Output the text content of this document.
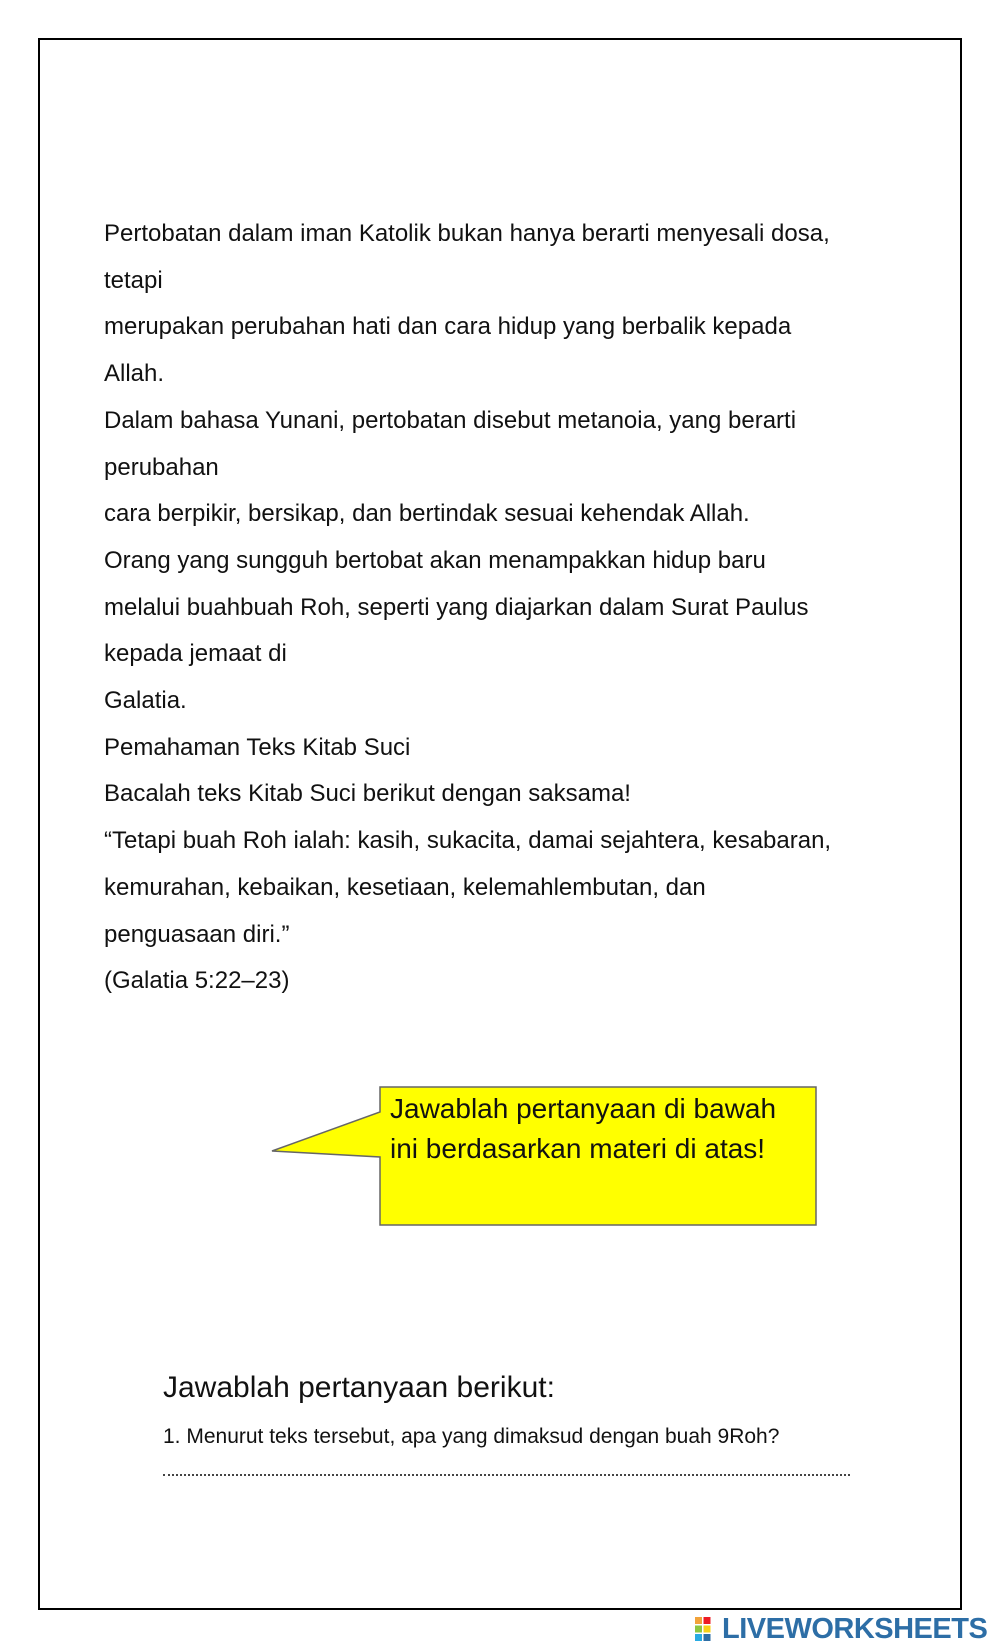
Pertobatan dalam iman Katolik bukan hanya berarti menyesali dosa,
tetapi
merupakan perubahan hati dan cara hidup yang berbalik kepada
Allah.
Dalam bahasa Yunani, pertobatan disebut metanoia, yang berarti
perubahan
cara berpikir, bersikap, dan bertindak sesuai kehendak Allah.
Orang yang sungguh bertobat akan menampakkan hidup baru
melalui buahbuah Roh, seperti yang diajarkan dalam Surat Paulus
kepada jemaat di
Galatia.
Pemahaman Teks Kitab Suci
Bacalah teks Kitab Suci berikut dengan saksama!
“Tetapi buah Roh ialah: kasih, sukacita, damai sejahtera, kesabaran,
kemurahan, kebaikan, kesetiaan, kelemahlembutan, dan
penguasaan diri.”
(Galatia 5:22–23)
Jawablah pertanyaan di bawah
ini berdasarkan materi di atas!
Jawablah pertanyaan berikut:
1. Menurut teks tersebut, apa yang dimaksud dengan buah 9Roh?
LIVEWORKSHEETS
